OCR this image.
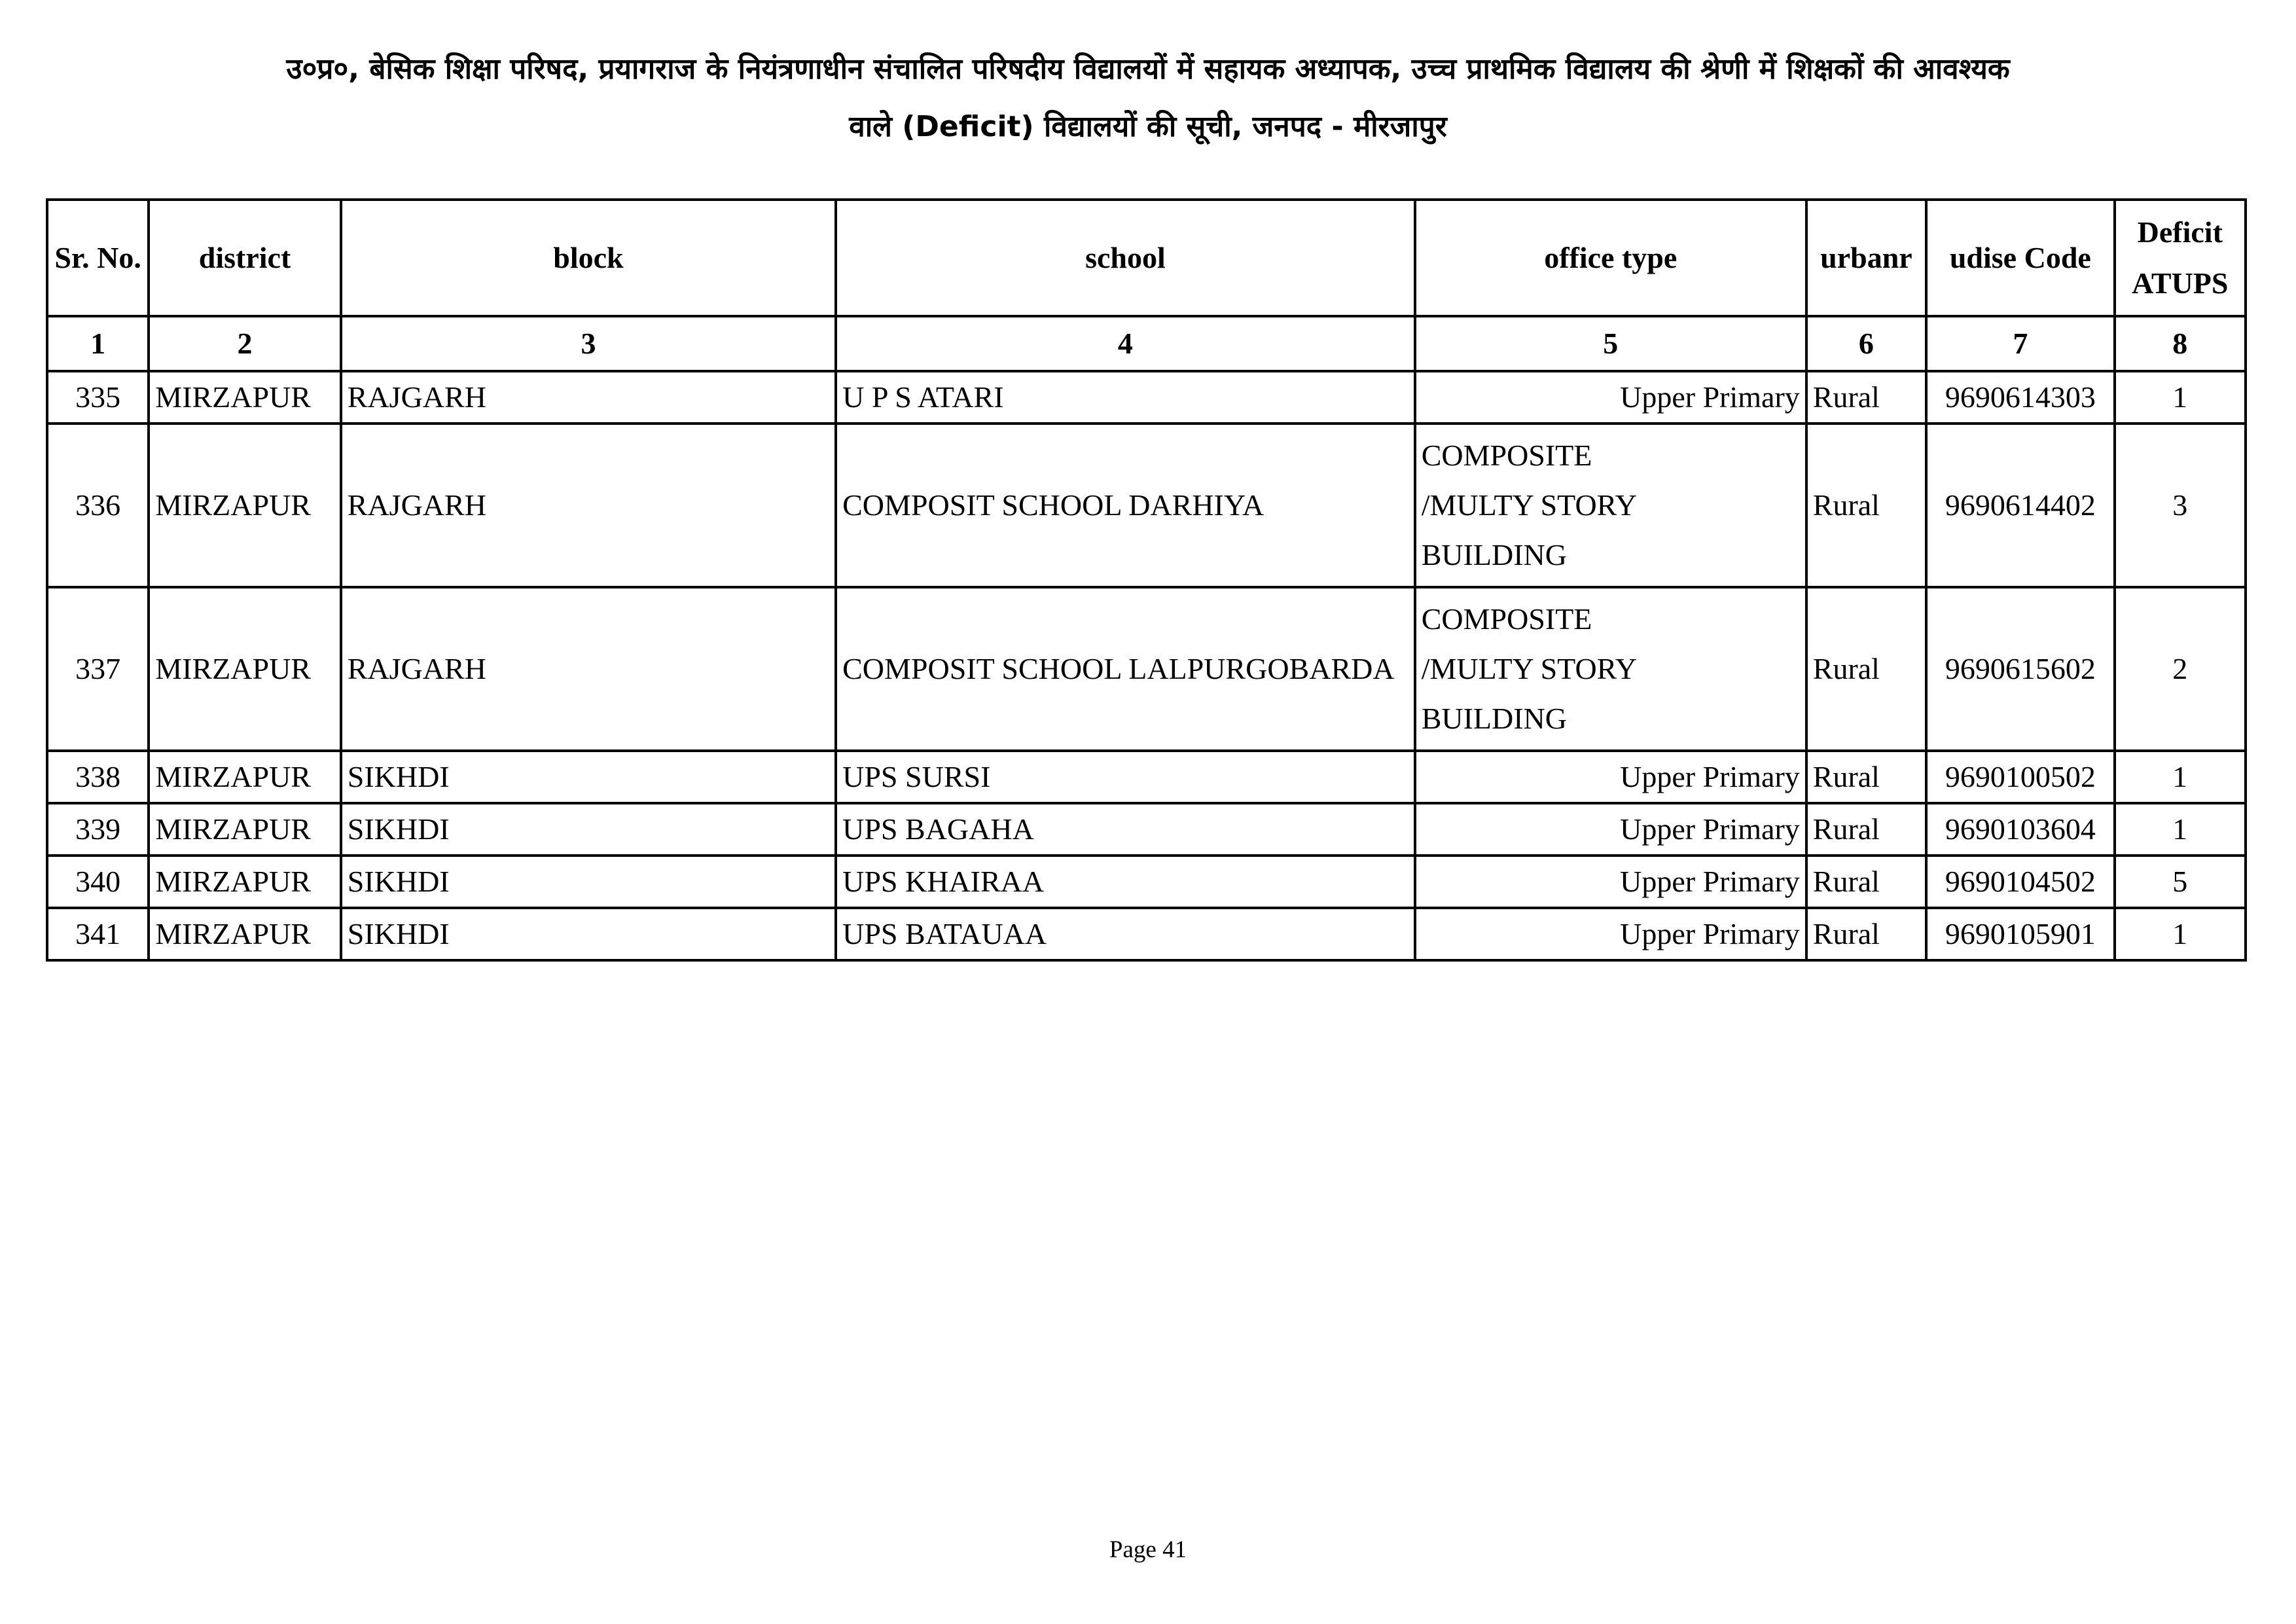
उ०प्र०, बेसिक शिक्षा परिषद, प्रयागराज के नियंत्रणाधीन संचालित परिषदीय विद्यालयों में सहायक अध्यापक, उच्च प्राथमिक विद्यालय की श्रेणी में शिक्षकों की आवश्यक
वाले (Deficit) विद्यालयों की सूची, जनपद - मीरजापुर
Sr. No.	district	block	school	office type	urbanr	udise Code	Deficit ATUPS
1	2	3	4	5	6	7	8
335	MIRZAPUR	RAJGARH	U P S ATARI	Upper Primary	Rural	9690614303	1
336	MIRZAPUR	RAJGARH	COMPOSIT SCHOOL DARHIYA	COMPOSITE
/MULTY STORY
BUILDING	Rural	9690614402	3
337	MIRZAPUR	RAJGARH	COMPOSIT SCHOOL LALPURGOBARDA	COMPOSITE
/MULTY STORY
BUILDING	Rural	9690615602	2
338	MIRZAPUR	SIKHDI	UPS SURSI	Upper Primary	Rural	9690100502	1
339	MIRZAPUR	SIKHDI	UPS BAGAHA	Upper Primary	Rural	9690103604	1
340	MIRZAPUR	SIKHDI	UPS KHAIRAA	Upper Primary	Rural	9690104502	5
341	MIRZAPUR	SIKHDI	UPS BATAUAA	Upper Primary	Rural	9690105901	1
Page 41
